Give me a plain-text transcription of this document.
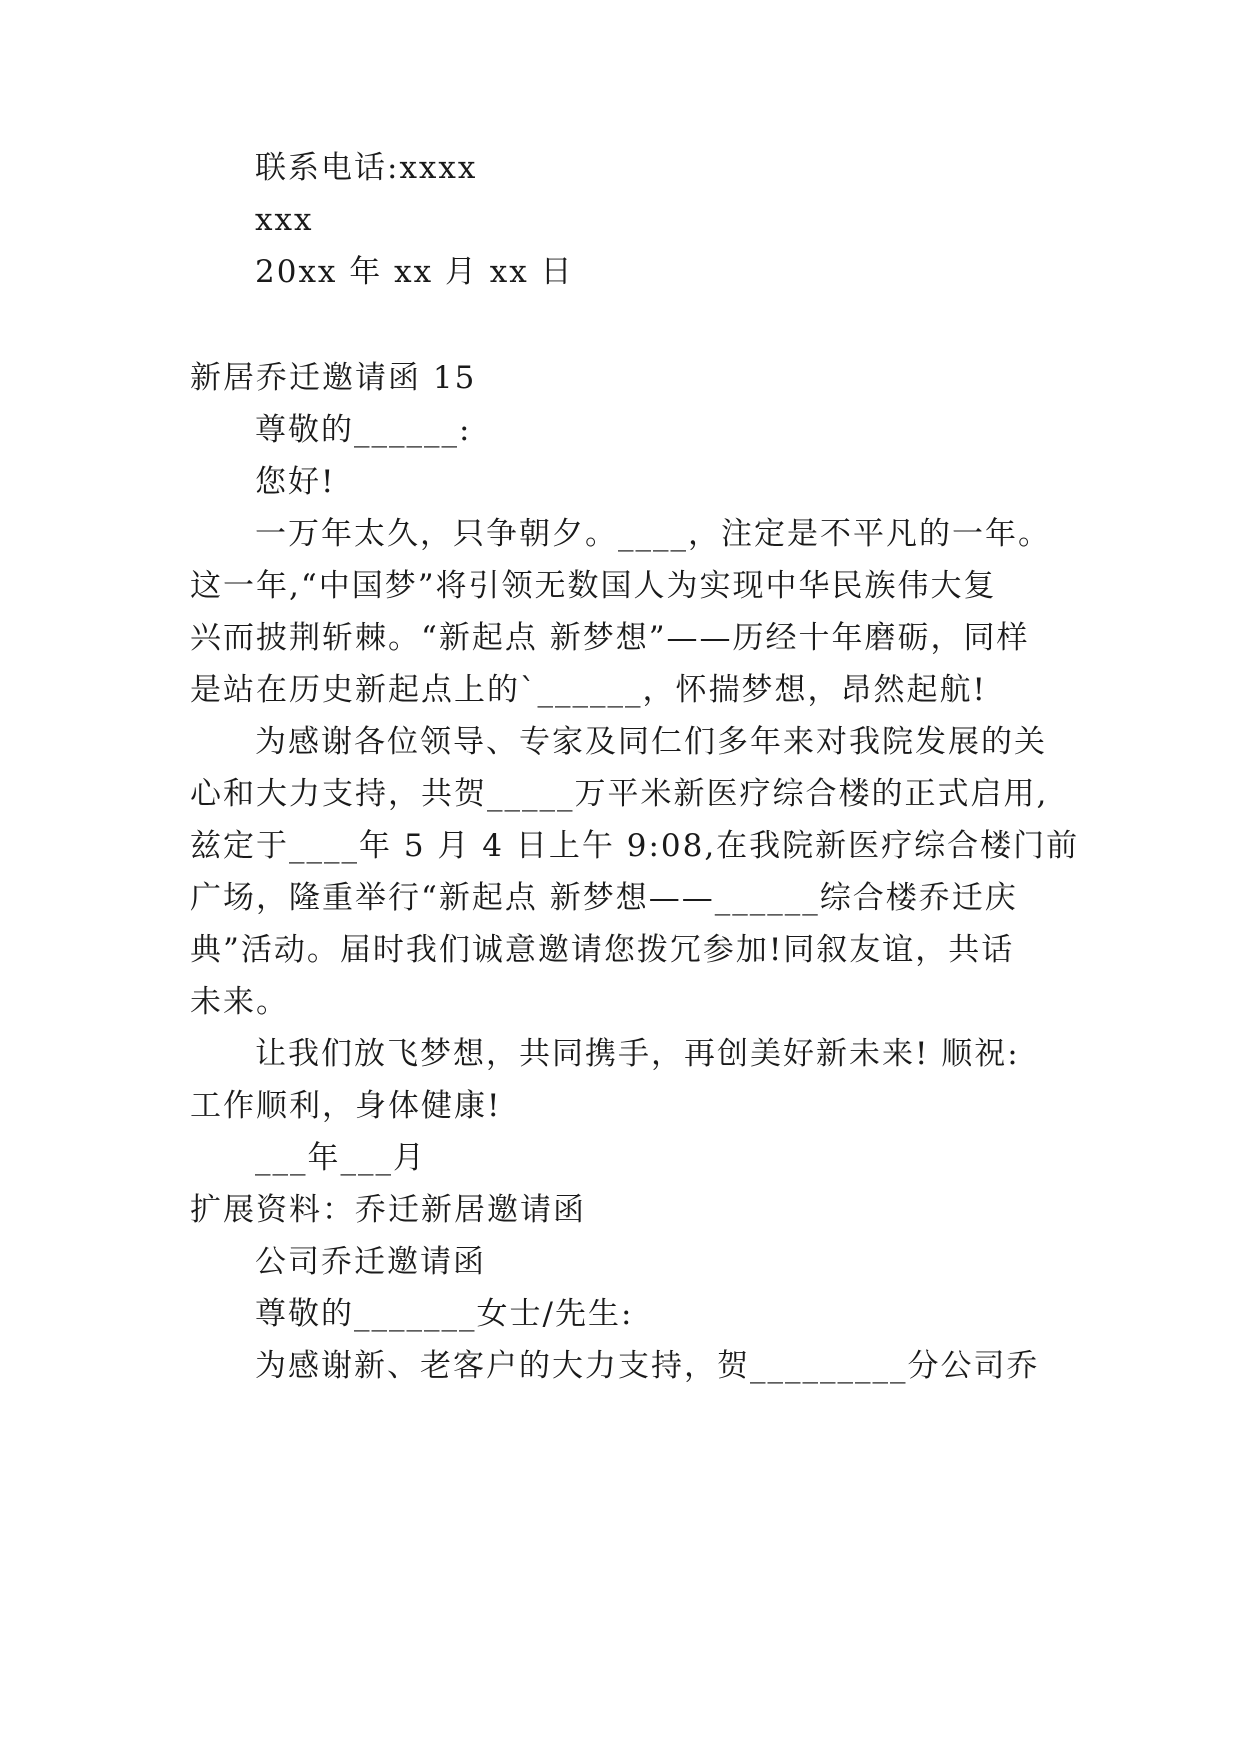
联系电话:xxxx
xxx
20xx 年 xx 月 xx 日
新居乔迁邀请函 15
尊敬的______:
您好!
一万年太久，只争朝夕。____，注定是不平凡的一年。
这一年,“中国梦”将引领无数国人为实现中华民族伟大复
兴而披荆斩棘。“新起点 新梦想”——历经十年磨砺，同样
是站在历史新起点上的`______，怀揣梦想，昂然起航!
为感谢各位领导、专家及同仁们多年来对我院发展的关
心和大力支持，共贺_____万平米新医疗综合楼的正式启用,
兹定于____年 5 月 4 日上午 9:08,在我院新医疗综合楼门前
广场，隆重举行“新起点 新梦想——______综合楼乔迁庆
典”活动。届时我们诚意邀请您拨冗参加!同叙友谊，共话
未来。
让我们放飞梦想，共同携手，再创美好新未来! 顺祝:
工作顺利，身体健康!
___年___月
扩展资料：乔迁新居邀请函
公司乔迁邀请函
尊敬的_______女士/先生:
为感谢新、老客户的大力支持，贺_________分公司乔
